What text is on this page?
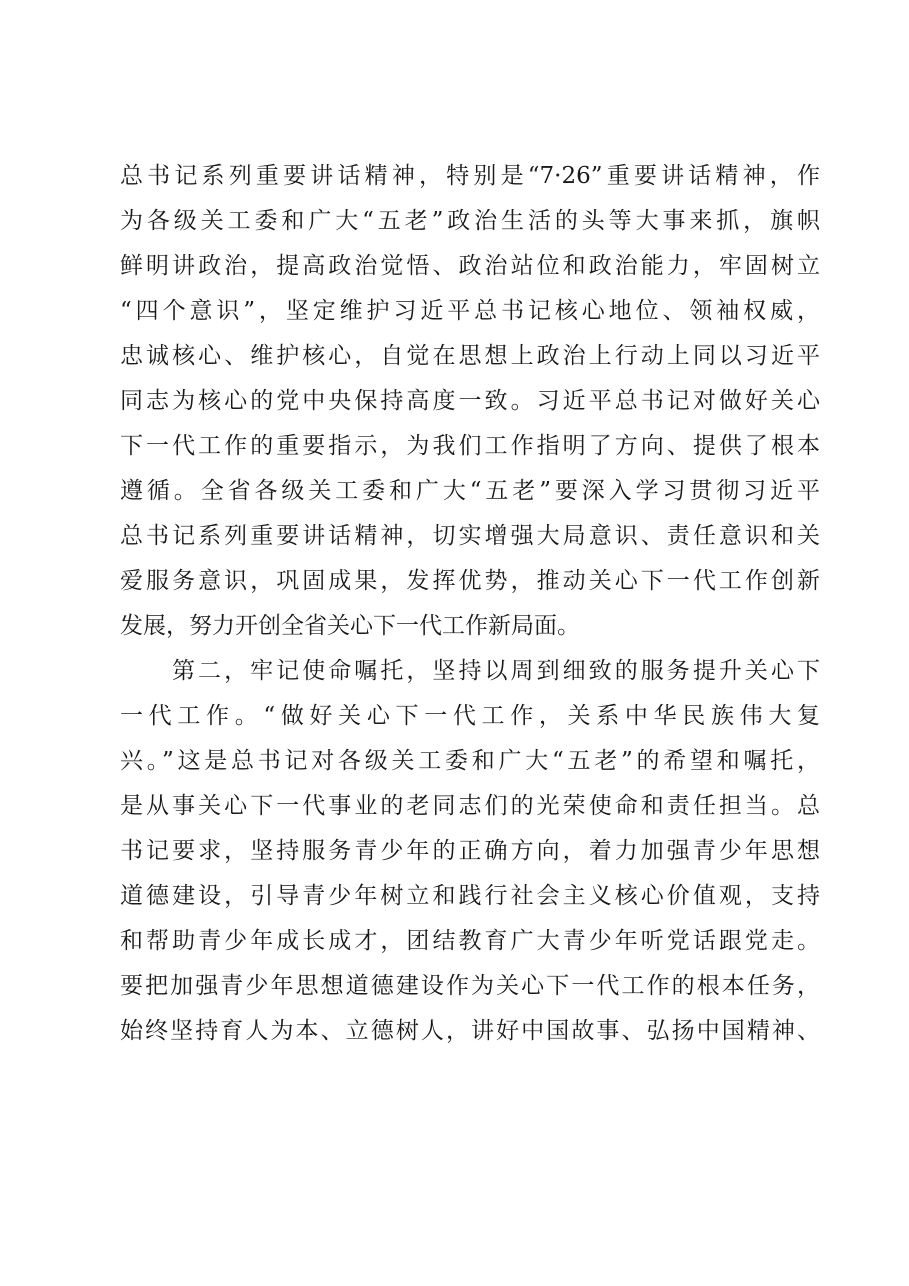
总书记系列重要讲话精神，特别是“7·26”重要讲话精神，作
为各级关工委和广大“五老”政治生活的头等大事来抓，旗帜
鲜明讲政治，提高政治觉悟、政治站位和政治能力，牢固树立
“四个意识”，坚定维护习近平总书记核心地位、领袖权威，
忠诚核心、维护核心，自觉在思想上政治上行动上同以习近平
同志为核心的党中央保持高度一致。习近平总书记对做好关心
下一代工作的重要指示，为我们工作指明了方向、提供了根本
遵循。全省各级关工委和广大“五老”要深入学习贯彻习近平
总书记系列重要讲话精神，切实增强大局意识、责任意识和关
爱服务意识，巩固成果，发挥优势，推动关心下一代工作创新
发展，努力开创全省关心下一代工作新局面。
第二，牢记使命嘱托，坚持以周到细致的服务提升关心下
一代工作。“做好关心下一代工作，关系中华民族伟大复
兴。”这是总书记对各级关工委和广大“五老”的希望和嘱托，
是从事关心下一代事业的老同志们的光荣使命和责任担当。总
书记要求，坚持服务青少年的正确方向，着力加强青少年思想
道德建设，引导青少年树立和践行社会主义核心价值观，支持
和帮助青少年成长成才，团结教育广大青少年听党话跟党走。
要把加强青少年思想道德建设作为关心下一代工作的根本任务，
始终坚持育人为本、立德树人，讲好中国故事、弘扬中国精神、
